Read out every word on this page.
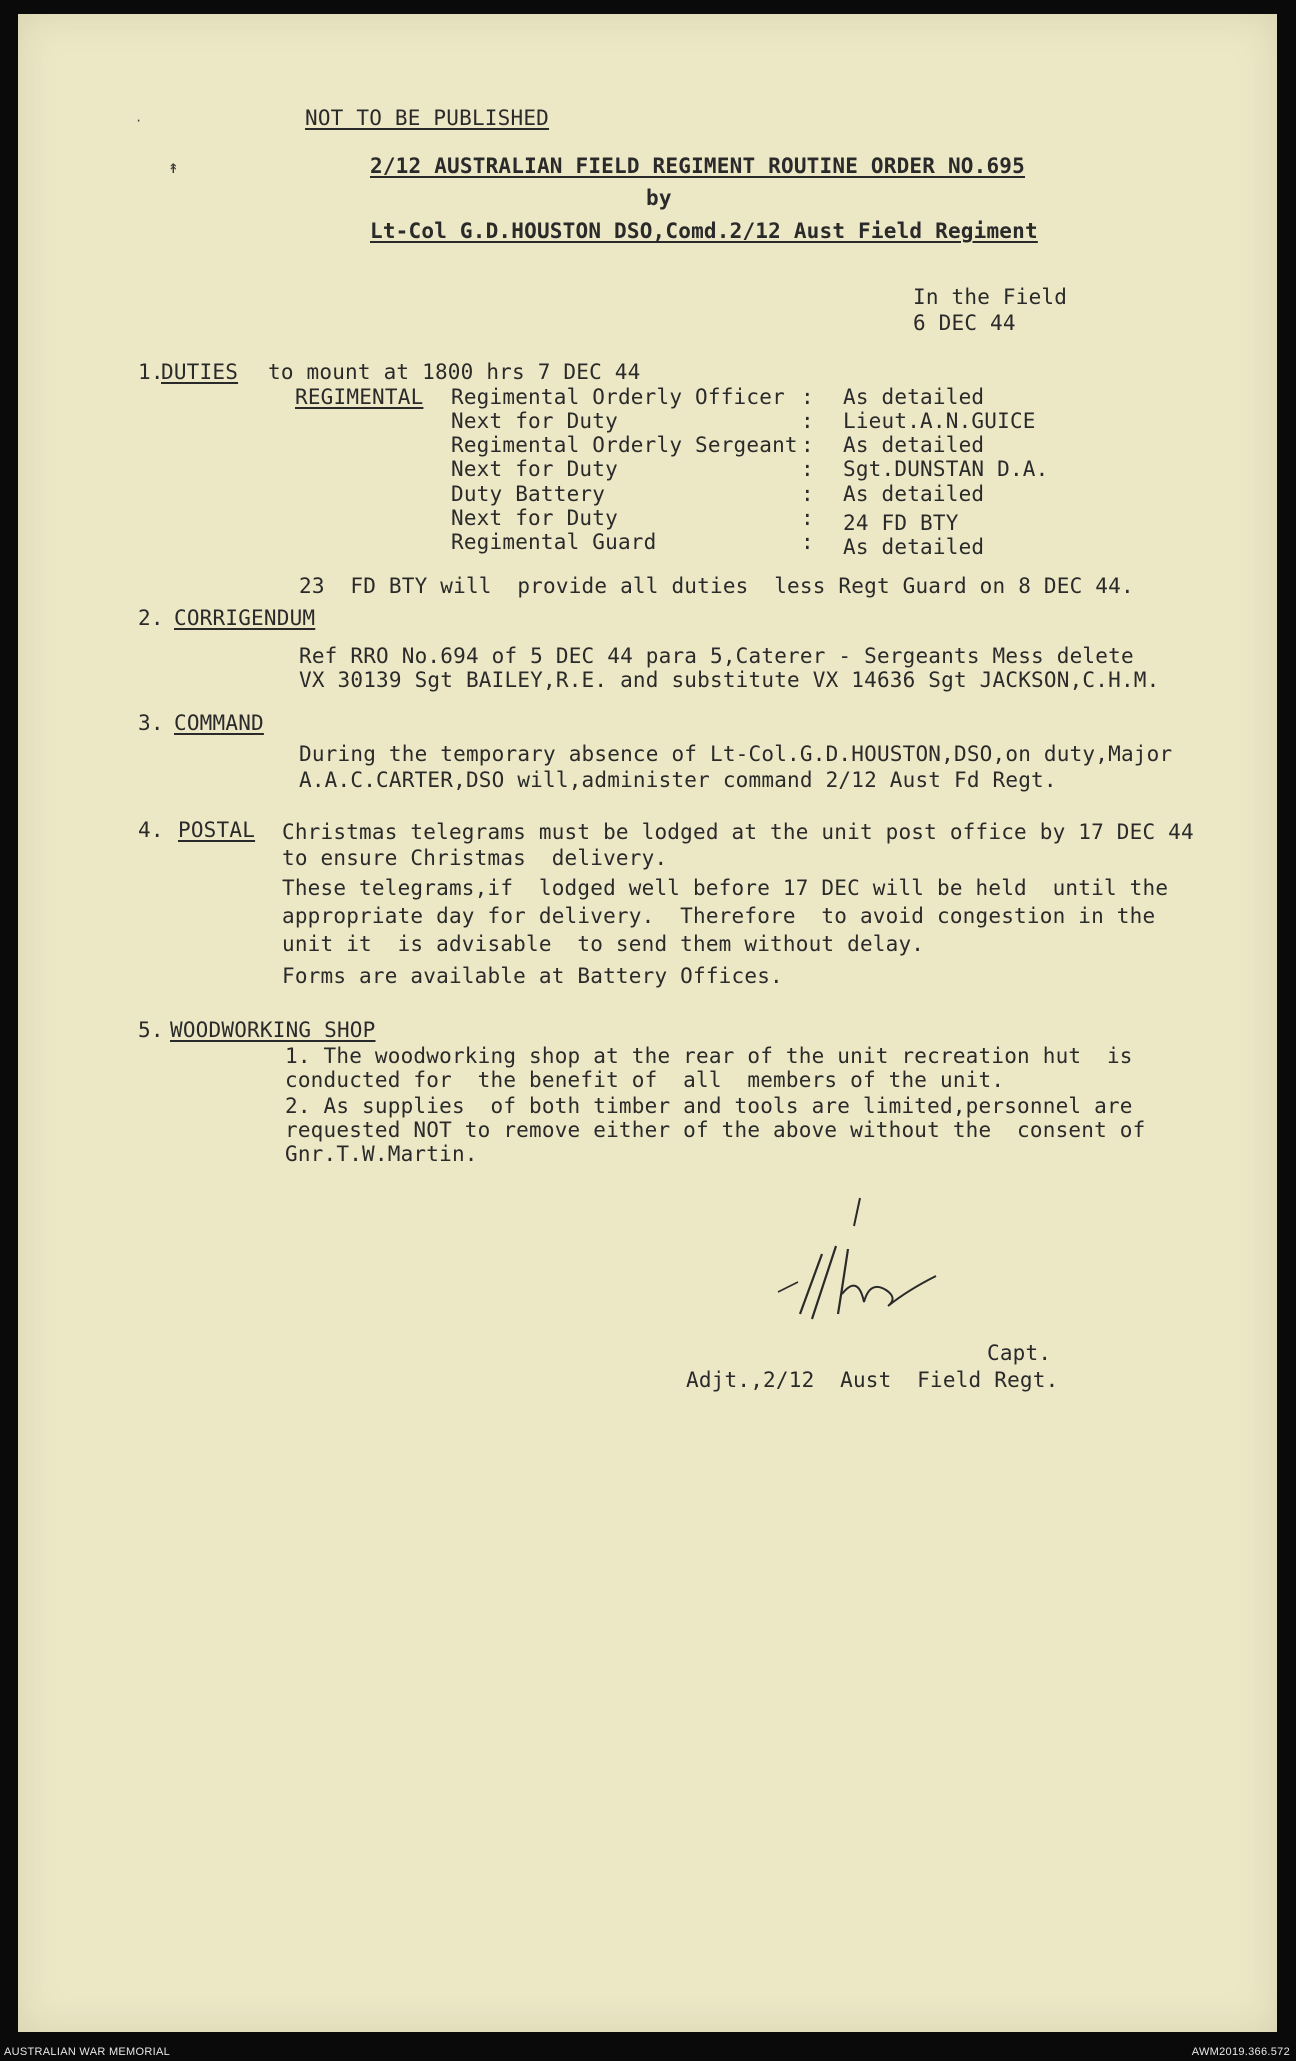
NOT TO BE PUBLISHED
2/12 AUSTRALIAN FIELD REGIMENT ROUTINE ORDER NO.695
by
Lt-Col G.D.HOUSTON DSO,Comd.2/12 Aust Field Regiment
In the Field
6 DEC 44
1.
DUTIES to mount at 1800 hrs 7 DEC 44
REGIMENTAL Regimental Orderly Officer : As detailed
Next for Duty	: Lieut.A.N.GUICE
Regimental Orderly Sergeant : As detailed
Next for Duty	: Sgt.DUNSTAN D.A.
Duty Battery	: As detailed
Next for Duty	: 24 FD BTY
Regimental Guard	: As detailed
23  FD BTY will  provide all duties  less Regt Guard on 8 DEC 44.
2. CORRIGENDUM
Ref RRO No.694 of 5 DEC 44 para 5,Caterer - Sergeants Mess delete
VX 30139 Sgt BAILEY,R.E. and substitute VX 14636 Sgt JACKSON,C.H.M.
3. COMMAND
During the temporary absence of Lt-Col.G.D.HOUSTON,DSO,on duty,Major
A.A.C.CARTER,DSO will,administer command 2/12 Aust Fd Regt.
4. POSTAL Christmas telegrams must be lodged at the unit post office by 17 DEC 44
to ensure Christmas  delivery.
These telegrams,if  lodged well before 17 DEC will be held  until the
appropriate day for delivery.  Therefore  to avoid congestion in the
unit it  is advisable  to send them without delay.
Forms are available at Battery Offices.
5. WOODWORKING SHOP
1. The woodworking shop at the rear of the unit recreation hut  is
conducted for  the benefit of  all  members of the unit.
2. As supplies  of both timber and tools are limited,personnel are
requested NOT to remove either of the above without the  consent of
Gnr.T.W.Martin.
Capt.
Adjt.,2/12  Aust  Field Regt.
↟
·
AUSTRALIAN WAR MEMORIAL	AWM2019.366.572
